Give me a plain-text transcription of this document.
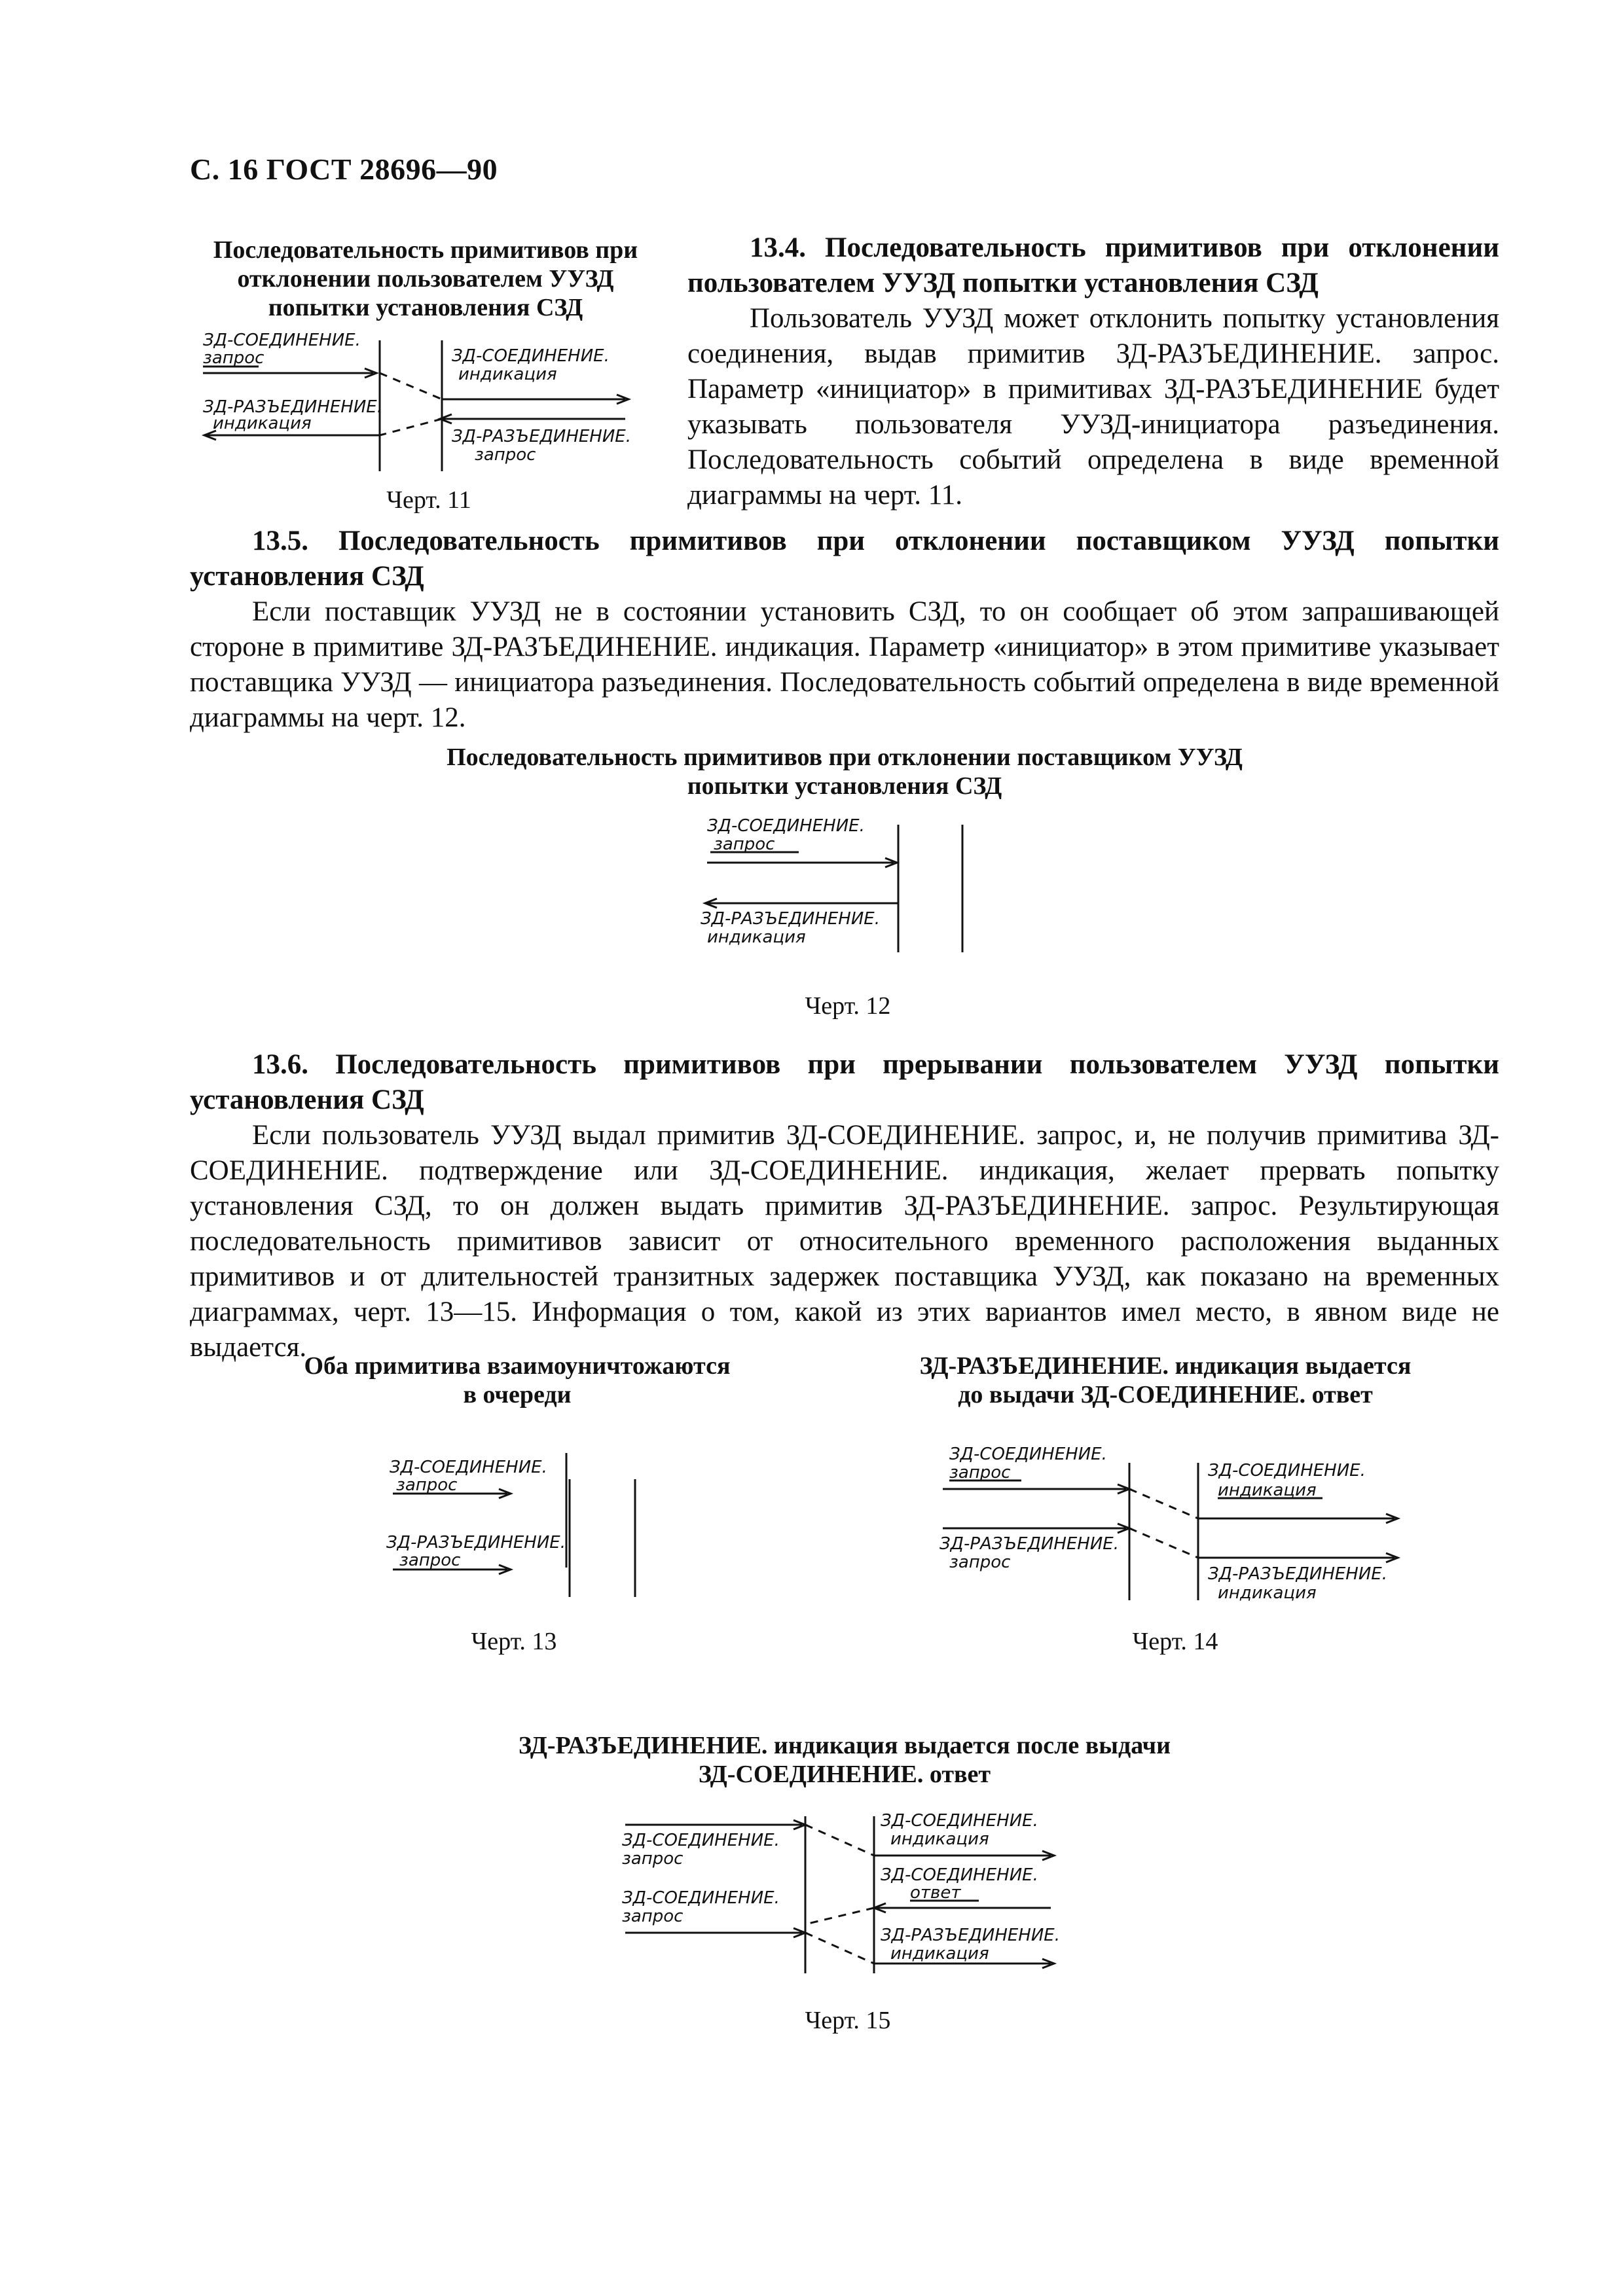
С. 16 ГОСТ 28696—90
Последовательность примитивов при отклонении пользователем УУЗД попытки установления СЗД
ЗД-СОЕДИНЕНИЕ.
запрос	ЗД-СОЕДИНЕНИЕ.
индикация
ЗД-РАЗЪЕДИНЕНИЕ.
индикация
ЗД-РАЗЪЕДИНЕНИЕ.
запрос
Черт. 11

13.4. Последовательность примитивов при отклонении пользователем УУЗД попытки установления СЗД

Пользователь УУЗД может отклонить попытку установления соединения, выдав примитив ЗД-РАЗЪЕДИНЕНИЕ. запрос. Параметр «инициатор» в примитивах ЗД-РАЗЪЕДИНЕНИЕ будет указывать пользователя УУЗД-инициатора разъединения. Последовательность событий определена в виде временной диаграммы на черт. 11.

13.5. Последовательность примитивов при отклонении поставщиком УУЗД попытки установления СЗД

Если поставщик УУЗД не в состоянии установить СЗД, то он сообщает об этом запрашивающей стороне в примитиве ЗД-РАЗЪЕДИНЕНИЕ. индикация. Параметр «инициатор» в этом примитиве указывает поставщика УУЗД — инициатора разъединения. Последовательность событий определена в виде временной диаграммы на черт. 12.

Последовательность примитивов при отклонении поставщиком УУЗД
попытки установления СЗД
ЗД-СОЕДИНЕНИЕ.
запрос
ЗД-РАЗЪЕДИНЕНИЕ.
индикация
Черт. 12

13.6. Последовательность примитивов при прерывании пользователем УУЗД попытки установления СЗД

Если пользователь УУЗД выдал примитив ЗД-СОЕДИНЕНИЕ. запрос, и, не получив примитива ЗД-СОЕДИНЕНИЕ. подтверждение или ЗД-СОЕДИНЕНИЕ. индикация, желает прервать попытку установления СЗД, то он должен выдать примитив ЗД-РАЗЪЕДИНЕНИЕ. запрос. Результирующая последовательность примитивов зависит от относительного временного расположения выданных примитивов и от длительностей транзитных задержек поставщика УУЗД, как показано на временных диаграммах, черт. 13—15. Информация о том, какой из этих вариантов имел место, в явном виде не выдается.

Оба примитива взаимоуничтожаются
в очереди
ЗД-СОЕДИНЕНИЕ.
запрос
ЗД-РАЗЪЕДИНЕНИЕ.
запрос
Черт. 13
ЗД-РАЗЪЕДИНЕНИЕ. индикация выдается
до выдачи ЗД-СОЕДИНЕНИЕ. ответ
ЗД-СОЕДИНЕНИЕ.
запрос	ЗД-СОЕДИНЕНИЕ.
индикация
ЗД-РАЗЪЕДИНЕНИЕ.
запрос
ЗД-РАЗЪЕДИНЕНИЕ.
индикация
Черт. 14
ЗД-РАЗЪЕДИНЕНИЕ. индикация выдается после выдачи
ЗД-СОЕДИНЕНИЕ. ответ
ЗД-СОЕДИНЕНИЕ.
запрос
ЗД-СОЕДИНЕНИЕ.
индикация
ЗД-СОЕДИНЕНИЕ.
ответ
ЗД-СОЕДИНЕНИЕ.
запрос
ЗД-РАЗЪЕДИНЕНИЕ.
индикация
Черт. 15
